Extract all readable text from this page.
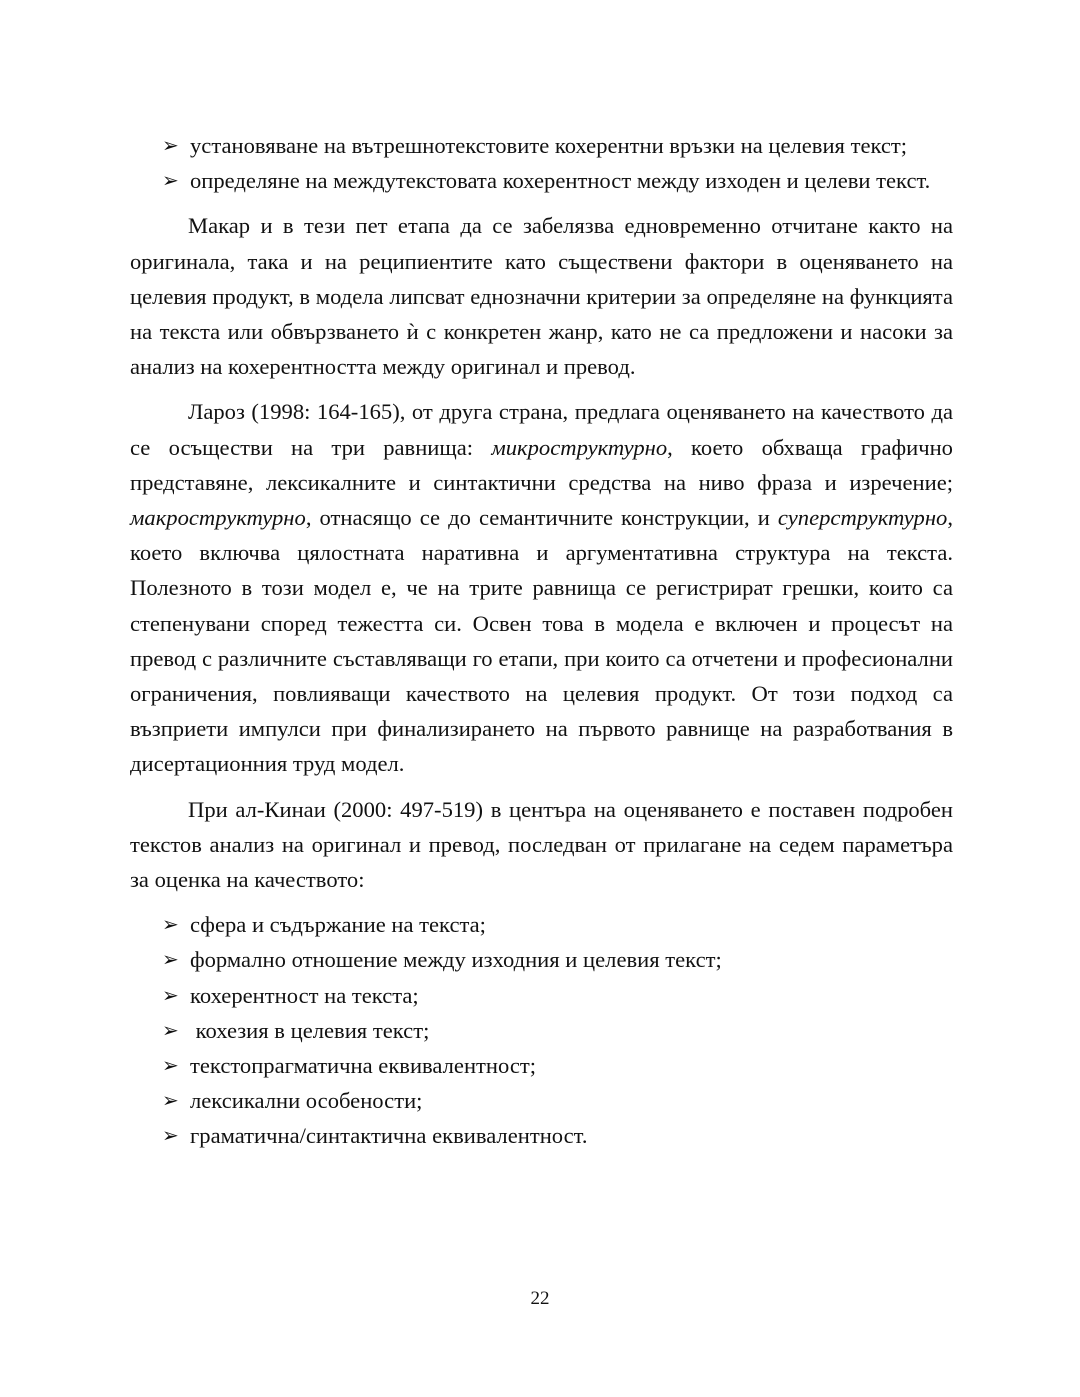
➢ установяване на вътрешнотекстовите кохерентни връзки на целевия текст;
➢ определяне на междутекстовата кохерентност между изходен и целеви текст.

Макар и в тези пет етапа да се забелязва едновременно отчитане както на оригинала, така и на реципиентите като съществени фактори в оценяването на целевия продукт, в модела липсват еднозначни критерии за определяне на функцията на текста или обвързването ѝ с конкретен жанр, като не са предложени и насоки за анализ на кохерентността между оригинал и превод.

Лароз (1998: 164-165), от друга страна, предлага оценяването на качеството да се осъществи на три равнища: микроструктурно, което обхваща графично представяне, лексикалните и синтактични средства на ниво фраза и изречение; макроструктурно, отнасящо се до семантичните конструкции, и суперструктурно, което включва цялостната наративна и аргументативна структура на текста. Полезното в този модел е, че на трите равнища се регистрират грешки, които са степенувани според тежестта си. Освен това в модела е включен и процесът на превод с различните съставляващи го етапи, при които са отчетени и професионални ограничения, повлияващи качеството на целевия продукт. От този подход са възприети импулси при финализирането на първото равнище на разработвания в дисертационния труд модел.

При ал-Кинаи (2000: 497-519) в центъра на оценяването е поставен подробен текстов анализ на оригинал и превод, последван от прилагане на седем параметъра за оценка на качеството:

➢ сфера и съдържание на текста;
➢ формално отношение между изходния и целевия текст;
➢ кохерентност на текста;
➢ кохезия в целевия текст;
➢ текстопрагматична еквивалентност;
➢ лексикални особености;
➢ граматична/синтактична еквивалентност.
22
